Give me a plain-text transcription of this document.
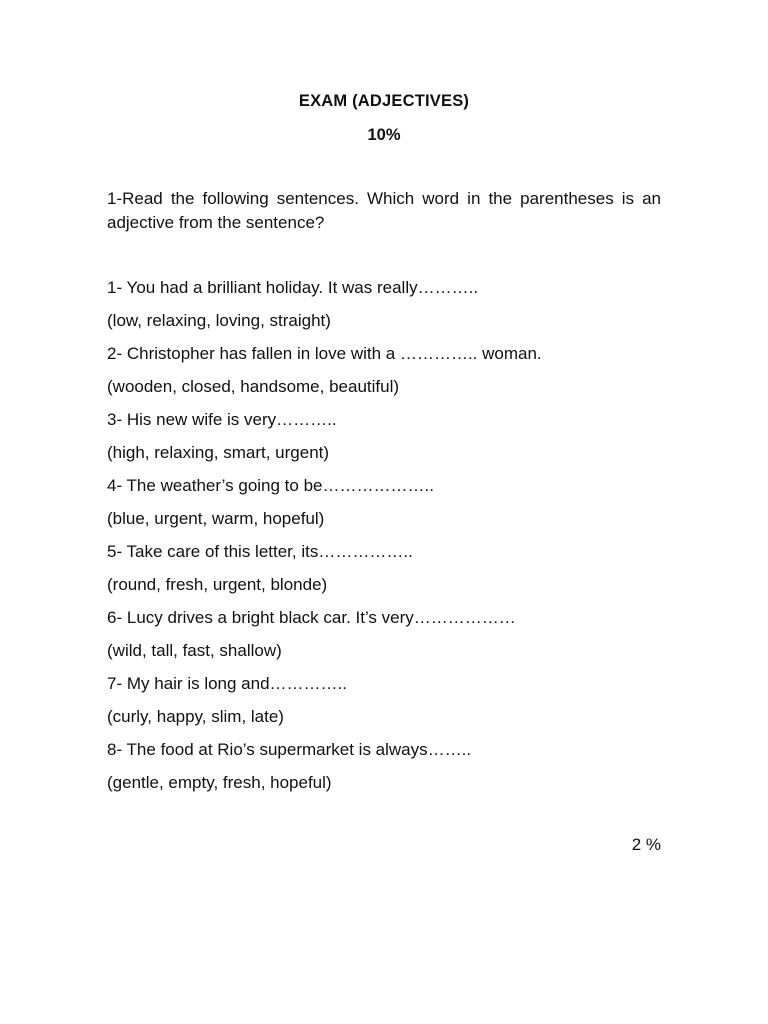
EXAM (ADJECTIVES)
10%
1-Read the following sentences. Which word in the parentheses is an adjective from the sentence?
1- You had a brilliant holiday. It was really………..
(low, relaxing, loving, straight)
2- Christopher has fallen in love with a ………….. woman.
(wooden, closed, handsome, beautiful)
3- His new wife is very………..
(high, relaxing, smart, urgent)
4- The weather’s going to be………………..
(blue, urgent, warm, hopeful)
5- Take care of this letter, its……………..
(round, fresh, urgent, blonde)
6- Lucy drives a bright black car. It’s very………………
(wild, tall, fast, shallow)
7- My hair is long and…………..
(curly, happy, slim, late)
8- The food at Rio’s supermarket is always……..
(gentle, empty, fresh, hopeful)
2 %
